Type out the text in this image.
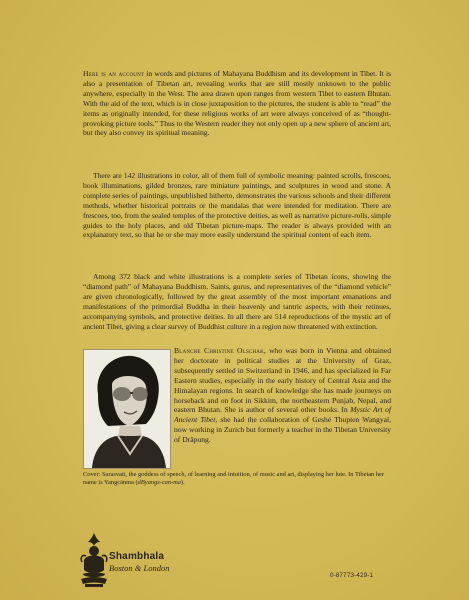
Here is an account in words and pictures of Mahayana Buddhism and its development in Tibet. It is also a presentation of Tibetan art, revealing works that are still mostly unknown to the public anywhere, especially in the West. The area drawn upon ranges from western Tibet to eastern Bhutan. With the aid of the text, which is in close juxtaposition to the pictures, the student is able to “read” the items as originally intended, for these religious works of art were always conceived of as “thought-provoking picture tools.” Thus to the Western reader they not only open up a new sphere of ancient art, but they also convey its spiritual meaning.
There are 142 illustrations in color, all of them full of symbolic meaning: painted scrolls, frescoes, book illuminations, gilded bronzes, rare miniature paintings, and sculptures in wood and stone. A complete series of paintings, unpublished hitherto, demonstrates the various schools and their different methods, whether historical portraits or the mandalas that were intended for meditation. There are frescoes, too, from the sealed temples of the protective deities, as well as narrative picture-rolls, simple guides to the holy places, and old Tibetan picture-maps. The reader is always provided with an explanatory text, so that he or she may more easily understand the spiritual content of each item.
Among 372 black and white illustrations is a complete series of Tibetan icons, showing the “diamond path” of Mahayana Buddhism. Saints, gurus, and representatives of the “diamond vehicle” are given chronologically, followed by the great assembly of the most important emanations and manifestations of the primordial Buddha in their heavenly and tantric aspects, with their retinues, accompanying symbols, and protective deities. In all there are 514 reproductions of the mystic art of ancient Tibet, giving a clear survey of Buddhist culture in a region now threatened with extinction.
Blanche Christine Olschak, who was born in Vienna and obtained her doctorate in political studies at the University of Graz, subsequently settled in Switzerland in 1946, and has specialized in Far Eastern studies, especially in the early history of Central Asia and the Himalayan regions. In search of knowledge she has made journeys on horseback and on foot in Sikkim, the northeastern Punjab, Nepal, and eastern Bhutan. She is author of several other books. In Mystic Art of Ancient Tibet, she had the collaboration of Geshé Thupten Wangyal, now working in Zurich but formerly a teacher in the Tibetan University of Drâpung.
Cover: Sarasvati, the goddess of speech, of learning and intuition, of music and art, displaying her lute. In Tibetan her name is Yangcänma (dByangs-can-ma).
Shambhala
Boston & London
0-87773-429-1
